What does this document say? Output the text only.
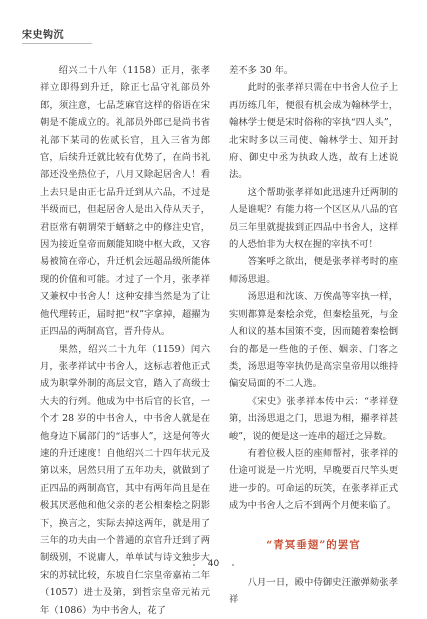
宋史钩沉

绍兴二十八年（1158）正月，张孝祥立即得到升迁，除正七品守礼部员外郎，须注意，七品芝麻官这样的俗语在宋朝是不能成立的。礼部员外郎已是尚书省礼部下某司的佐贰长官，且入三省为郎官，后续升迁就比较有优势了，在尚书礼部还没坐热位子，八月又除起居舍人！看上去只是由正七品升迁到从六品，不过是半级而已，但起居舍人是出入侍从天子，君臣常有朝谓荣于蝤蛴之中的修注史官，因为接近皇帝而颇能知晓中枢大政，又容易被简在帝心，升迁机会远超品级所能体现的价值和可能。才过了一个月，张孝祥又兼权中书舍人！这种安排当然是为了让他代理转正，届时把“权”字拿掉，超擢为正四品的两制高官，晋升侍从。

果然，绍兴二十九年（1159）闰六月，张孝祥试中书舍人，这标志着他正式成为职掌外制的高层文官，踏入了高级士大夫的行列。他成为中书后官的长官，一个才 28 岁的中书舍人，中书舍人就是在他身边下属部门的“话事人”，这是何等火速的升迁速度！自他绍兴二十四年状元及第以来，居然只用了五年功夫，就做到了正四品的两制高官，其中有两年尚且是在极其厌恶他和他父亲的老公相秦桧之阴影下，换言之，实际去掉这两年，就是用了三年的功夫由一个普通的京官升迁到了两制级别，不说庸人，单单试与诗文独步大宋的苏轼比较，东坡自仁宗皇帝嘉祐二年（1057）进士及第，到哲宗皇帝元祐元年（1086）为中书舍人，花了

差不多 30 年。

此时的张孝祥只需在中书舍人位子上再历练几年，便很有机会成为翰林学士，翰林学士便是宋时俗称的宰执“四人头”，北宋时多以三司使、翰林学士、知开封府、御史中丞为执政人选，故有上述说法。

这个帮助张孝祥如此迅速升迁两制的人是谁呢？有能力将一个区区从八品的官员三年里就提拔到正四品中书舍人，这样的人恐怕非为大权在握的宰执不可！

答案呼之欲出，便是张孝祥考时的座师汤思退。

汤思退和沈该、万俟卨等宰执一样，实则都算是秦桧余党，但秦桧虽死，与金人和议的基本国策不变，因而随着秦桧倒台的都是一些他的子侄、姻亲、门客之类，汤思退等宰执仍是高宗皇帝用以维持偏安局面的不二人选。

《宋史》张孝祥本传中云：“孝祥登第，出汤思退之门，思退为相，擢孝祥甚峻”，说的便是这一连串的超迁之异数。

有着位极人臣的座师帮衬，张孝祥的仕途可说是一片光明，早晚要百尺竿头更进一步的。可命运的玩笑，在张孝祥正式成为中书舍人之后不到两个月便来临了。

“青冥垂翅”的罢官

八月一日，殿中侍御史汪澈弹劾张孝祥

40
